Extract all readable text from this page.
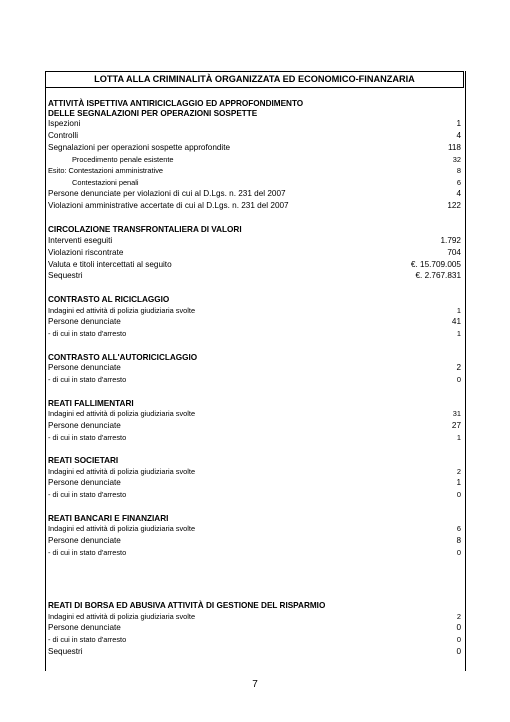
LOTTA ALLA CRIMINALITÀ ORGANIZZATA ED ECONOMICO-FINANZARIA
ATTIVITÀ ISPETTIVA ANTIRICICLAGGIO ED APPROFONDIMENTO
DELLE SEGNALAZIONI PER OPERAZIONI SOSPETTE
Ispezioni	1
Controlli	4
Segnalazioni per operazioni sospette approfondite	118
Procedimento penale esistente	32
Esito: Contestazioni amministrative	8
Contestazioni penali	6
Persone denunciate per violazioni di cui al D.Lgs. n. 231 del 2007	4
Violazioni amministrative accertate di cui al D.Lgs. n. 231 del 2007	122
CIRCOLAZIONE TRANSFRONTALIERA DI VALORI
Interventi eseguiti	1.792
Violazioni riscontrate	704
Valuta e titoli intercettati al seguito	€. 15.709.005
Sequestri	€. 2.767.831
CONTRASTO AL RICICLAGGIO
Indagini ed attività di polizia giudiziaria svolte	1
Persone denunciate	41
- di cui in stato d'arresto	1
CONTRASTO ALL'AUTORICICLAGGIO
Persone denunciate	2
- di cui in stato d'arresto	0
REATI FALLIMENTARI
Indagini ed attività di polizia giudiziaria svolte	31
Persone denunciate	27
- di cui in stato d'arresto	1
REATI SOCIETARI
Indagini ed attività di polizia giudiziaria svolte	2
Persone denunciate	1
- di cui in stato d'arresto	0
REATI BANCARI E FINANZIARI
Indagini ed attività di polizia giudiziaria svolte	6
Persone denunciate	8
- di cui in stato d'arresto	0
REATI DI BORSA ED ABUSIVA ATTIVITÀ DI GESTIONE DEL RISPARMIO
Indagini ed attività di polizia giudiziaria svolte	2
Persone denunciate	0
- di cui in stato d'arresto	0
Sequestri	0
7
